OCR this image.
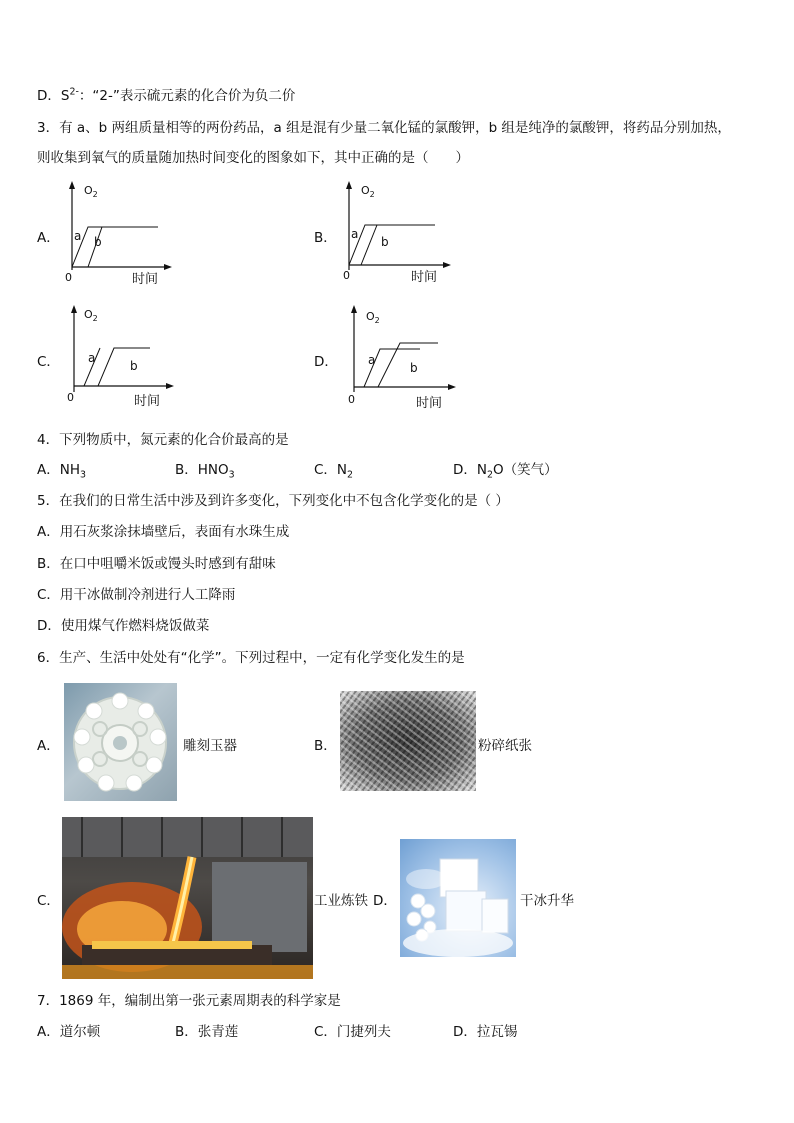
D．$S^{2-}$：“2-”表示硫元素的化合价为负二价
3．有 a、b 两组质量相等的两份药品，a 组是混有少量二氧化锰的氯酸钾，b 组是纯净的氯酸钾，将药品分别加热，
则收集到氧气的质量随加热时间变化的图象如下，其中正确的是（　　）
A．	B．
C．	D．
$O_2$
a b
0	时间
$O_2$
a
b
0	时间
$O_2$
a
b
0	时间
$O_2$
a
b
0	时间
4．下列物质中，氮元素的化合价最高的是
A．$NH_3$	B．$HNO_3$	C．$N_2$	D．$N_2O$（笑气）
5．在我们的日常生活中涉及到许多变化，下列变化中不包含化学变化的是（ ）
A．用石灰浆涂抹墙壁后，表面有水珠生成
B．在口中咀嚼米饭或馒头时感到有甜味
C．用干冰做制冷剂进行人工降雨
D．使用煤气作燃料烧饭做菜
6．生产、生活中处处有“化学”。下列过程中，一定有化学变化发生的是
A．	雕刻玉器	B．	粉碎纸张
C．	工业炼铁 D．	干冰升华
7．1869 年，编制出第一张元素周期表的科学家是
A．道尔顿	B．张青莲	C．门捷列夫	D．拉瓦锡
